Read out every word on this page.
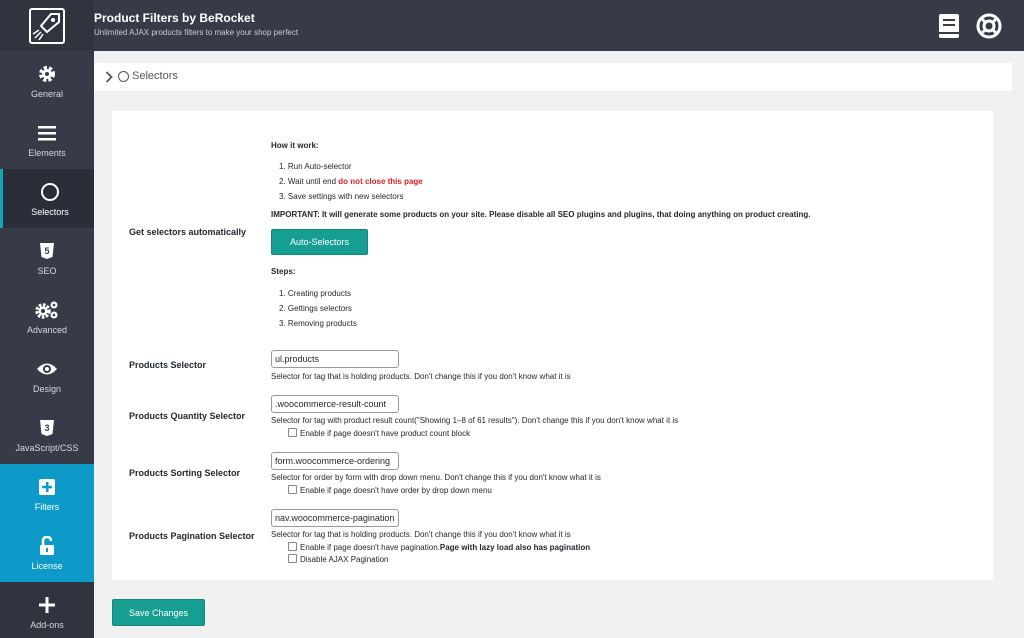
Product Filters by BeRocket
Unlimited AJAX products filters to make your shop perfect
General
Elements
Selectors
5
SEO
Advanced
Design
3
JavaScript/CSS
Filters
License
Add-ons
Selectors
Get selectors automatically
How it work:
1. Run Auto-selector
2. Wait until end do not close this page
3. Save settings with new selectors
IMPORTANT: It will generate some products on your site. Please disable all SEO plugins and plugins, that doing anything on product creating.
Auto-Selectors
Steps:
1. Creating products
2. Gettings selectors
3. Removing products
Products Selector
ul.products
Selector for tag that is holding products. Don't change this if you don't know what it is
Products Quantity Selector
.woocommerce-result-count
Selector for tag with product result count("Showing 1–8 of 61 results"). Don't change this if you don't know what it is
Enable if page doesn't have product count block
Products Sorting Selector
form.woocommerce-ordering
Selector for order by form with drop down menu. Don't change this if you don't know what it is
Enable if page doesn't have order by drop down menu
Products Pagination Selector
nav.woocommerce-pagination
Selector for tag that is holding products. Don't change this if you don't know what it is
Enable if page doesn't have pagination.Page with lazy load also has pagination
Disable AJAX Pagination
Save Changes
